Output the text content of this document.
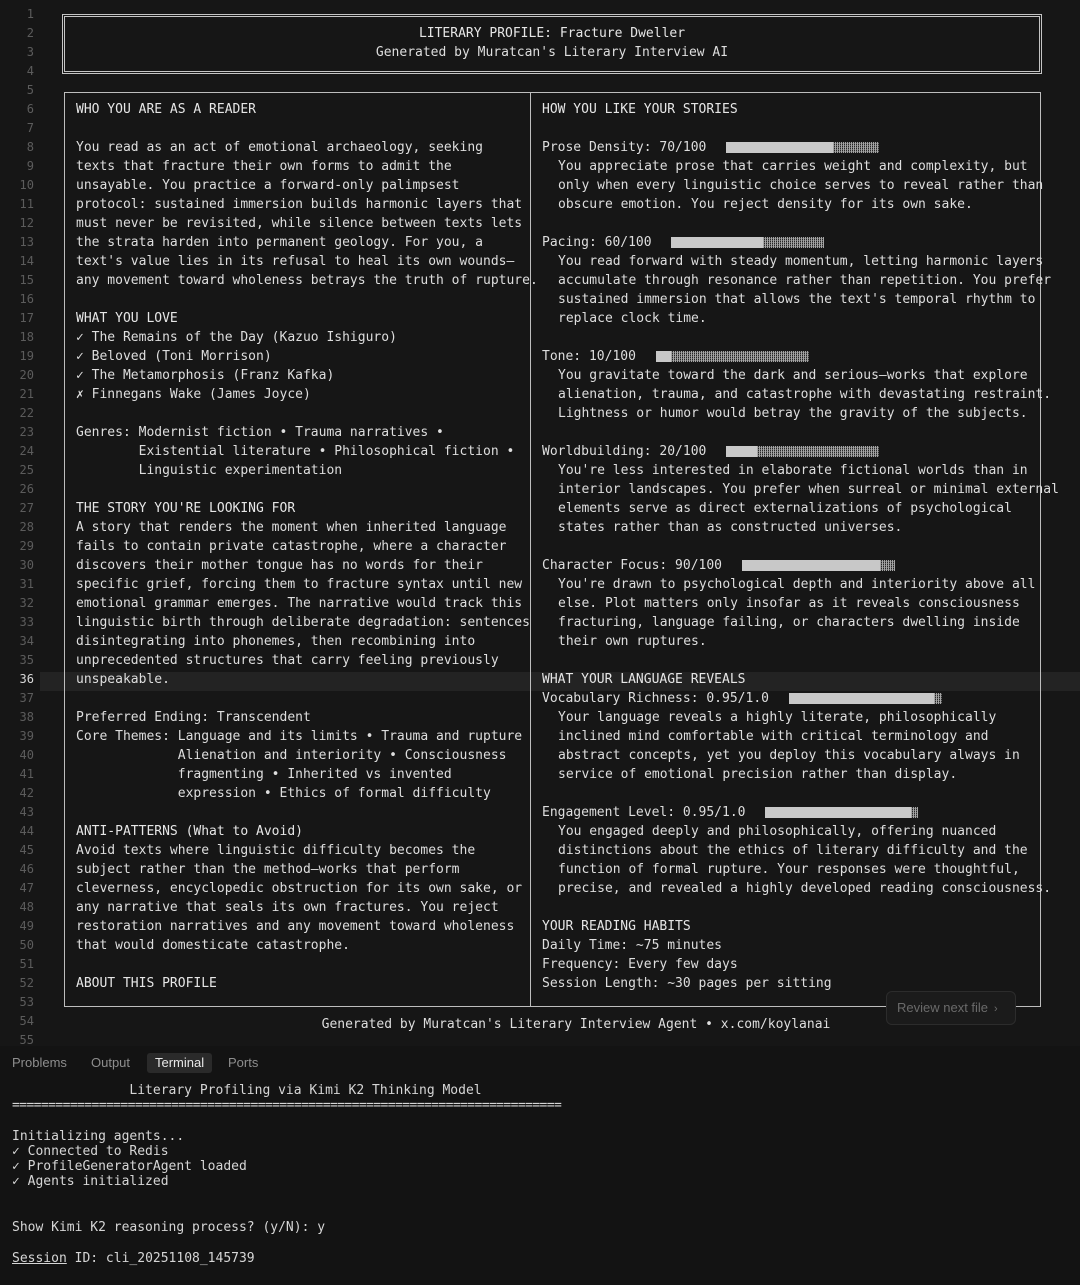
1
2
3
4
5
6
7
8
9
10
11
12
13
14
15
16
17
18
19
20
21
22
23
24
25
26
27
28
29
30
31
32
33
34
35
36
37
38
39
40
41
42
43
44
45
46
47
48
49
50
51
52
53
54
55
LITERARY PROFILE: Fracture Dweller
Generated by Muratcan's Literary Interview AI
Generated by Muratcan's Literary Interview Agent • x.com/koylanai
Review next file ›
WHO YOU ARE AS A READER
You read as an act of emotional archaeology, seeking
texts that fracture their own forms to admit the
unsayable. You practice a forward-only palimpsest
protocol: sustained immersion builds harmonic layers that
must never be revisited, while silence between texts lets
the strata harden into permanent geology. For you, a
text's value lies in its refusal to heal its own wounds—
any movement toward wholeness betrays the truth of rupture.
WHAT YOU LOVE
✓ The Remains of the Day (Kazuo Ishiguro)
✓ Beloved (Toni Morrison)
✓ The Metamorphosis (Franz Kafka)
✗ Finnegans Wake (James Joyce)
Genres: Modernist fiction • Trauma narratives •
Existential literature • Philosophical fiction •
Linguistic experimentation
THE STORY YOU'RE LOOKING FOR
A story that renders the moment when inherited language
fails to contain private catastrophe, where a character
discovers their mother tongue has no words for their
specific grief, forcing them to fracture syntax until new
emotional grammar emerges. The narrative would track this
linguistic birth through deliberate degradation: sentences
disintegrating into phonemes, then recombining into
unprecedented structures that carry feeling previously
unspeakable.
Preferred Ending: Transcendent
Core Themes: Language and its limits • Trauma and rupture
Alienation and interiority • Consciousness
fragmenting • Inherited vs invented
expression • Ethics of formal difficulty
ANTI-PATTERNS (What to Avoid)
Avoid texts where linguistic difficulty becomes the
subject rather than the method—works that perform
cleverness, encyclopedic obstruction for its own sake, or
any narrative that seals its own fractures. You reject
restoration narratives and any movement toward wholeness
that would domesticate catastrophe.
ABOUT THIS PROFILE
HOW YOU LIKE YOUR STORIES
Prose Density: 70/100
You appreciate prose that carries weight and complexity, but
only when every linguistic choice serves to reveal rather than
obscure emotion. You reject density for its own sake.
Pacing: 60/100
You read forward with steady momentum, letting harmonic layers
accumulate through resonance rather than repetition. You prefer
sustained immersion that allows the text's temporal rhythm to
replace clock time.
Tone: 10/100
You gravitate toward the dark and serious—works that explore
alienation, trauma, and catastrophe with devastating restraint.
Lightness or humor would betray the gravity of the subjects.
Worldbuilding: 20/100
You're less interested in elaborate fictional worlds than in
interior landscapes. You prefer when surreal or minimal external
elements serve as direct externalizations of psychological
states rather than as constructed universes.
Character Focus: 90/100
You're drawn to psychological depth and interiority above all
else. Plot matters only insofar as it reveals consciousness
fracturing, language failing, or characters dwelling inside
their own ruptures.
WHAT YOUR LANGUAGE REVEALS
Vocabulary Richness: 0.95/1.0
Your language reveals a highly literate, philosophically
inclined mind comfortable with critical terminology and
abstract concepts, yet you deploy this vocabulary always in
service of emotional precision rather than display.
Engagement Level: 0.95/1.0
You engaged deeply and philosophically, offering nuanced
distinctions about the ethics of literary difficulty and the
function of formal rupture. Your responses were thoughtful,
precise, and revealed a highly developed reading consciousness.
YOUR READING HABITS
Daily Time: ~75 minutes
Frequency: Every few days
Session Length: ~30 pages per sitting
Problems Output	Terminal	Ports
Literary Profiling via Kimi K2 Thinking Model
============================================================================
Initializing agents...
✓ Connected to Redis
✓ ProfileGeneratorAgent loaded
✓ Agents initialized
Show Kimi K2 reasoning process? (y/N): y
Session ID: cli_20251108_145739
